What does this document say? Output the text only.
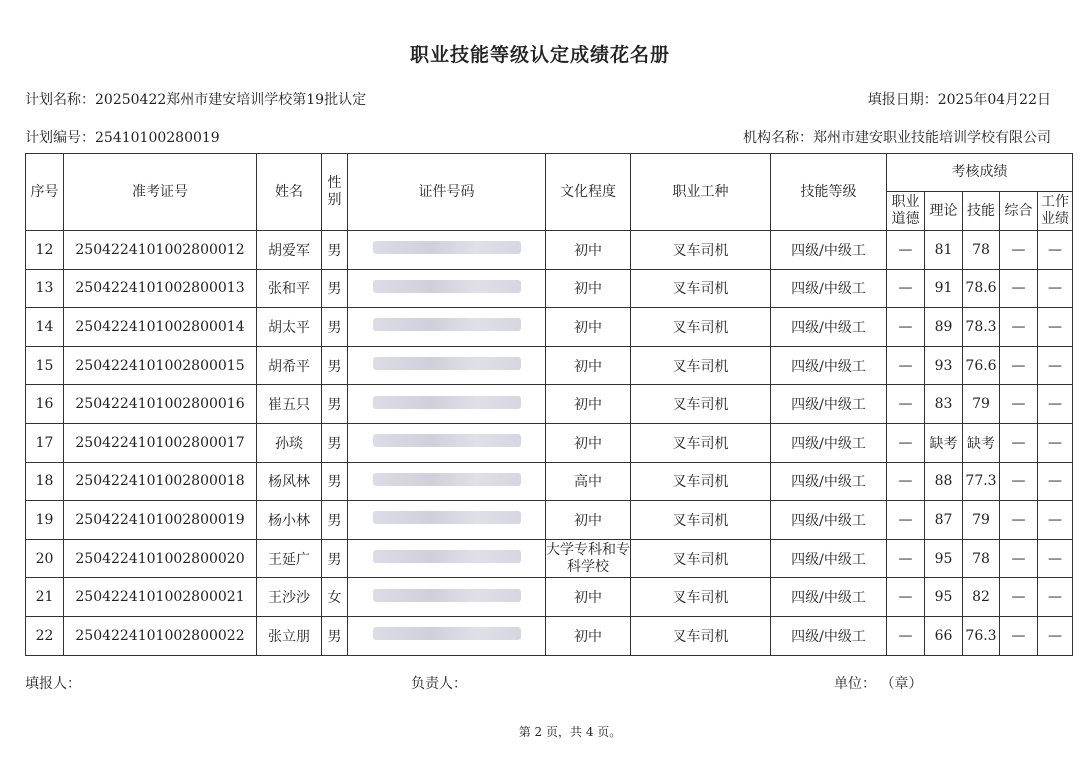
职业技能等级认定成绩花名册
计划名称：20250422郑州市建安培训学校第19批认定	填报日期：2025年04月22日
计划编号：25410100280019	机构名称：郑州市建安职业技能培训学校有限公司
序号	准考证号	姓名	性别	证件号码	文化程度	职业工种	技能等级	考核成绩				
								职业道德	理论	技能	综合	工作业绩
12	2504224101002800012	胡爱军	男		初中	叉车司机	四级/中级工	—	81	78	—	—
13	2504224101002800013	张和平	男		初中	叉车司机	四级/中级工	—	91	78.6	—	—
14	2504224101002800014	胡太平	男		初中	叉车司机	四级/中级工	—	89	78.3	—	—
15	2504224101002800015	胡希平	男		初中	叉车司机	四级/中级工	—	93	76.6	—	—
16	2504224101002800016	崔五只	男		初中	叉车司机	四级/中级工	—	83	79	—	—
17	2504224101002800017	孙琰	男		初中	叉车司机	四级/中级工	—	缺考	缺考	—	—
18	2504224101002800018	杨风林	男		高中	叉车司机	四级/中级工	—	88	77.3	—	—
19	2504224101002800019	杨小林	男		初中	叉车司机	四级/中级工	—	87	79	—	—
20	2504224101002800020	王延广	男		大学专科和专科学校	叉车司机	四级/中级工	—	95	78	—	—
21	2504224101002800021	王沙沙	女		初中	叉车司机	四级/中级工	—	95	82	—	—
22	2504224101002800022	张立朋	男		初中	叉车司机	四级/中级工	—	66	76.3	—	—
填报人：	负责人：	单位： （章）
第 2 页，共 4 页。
